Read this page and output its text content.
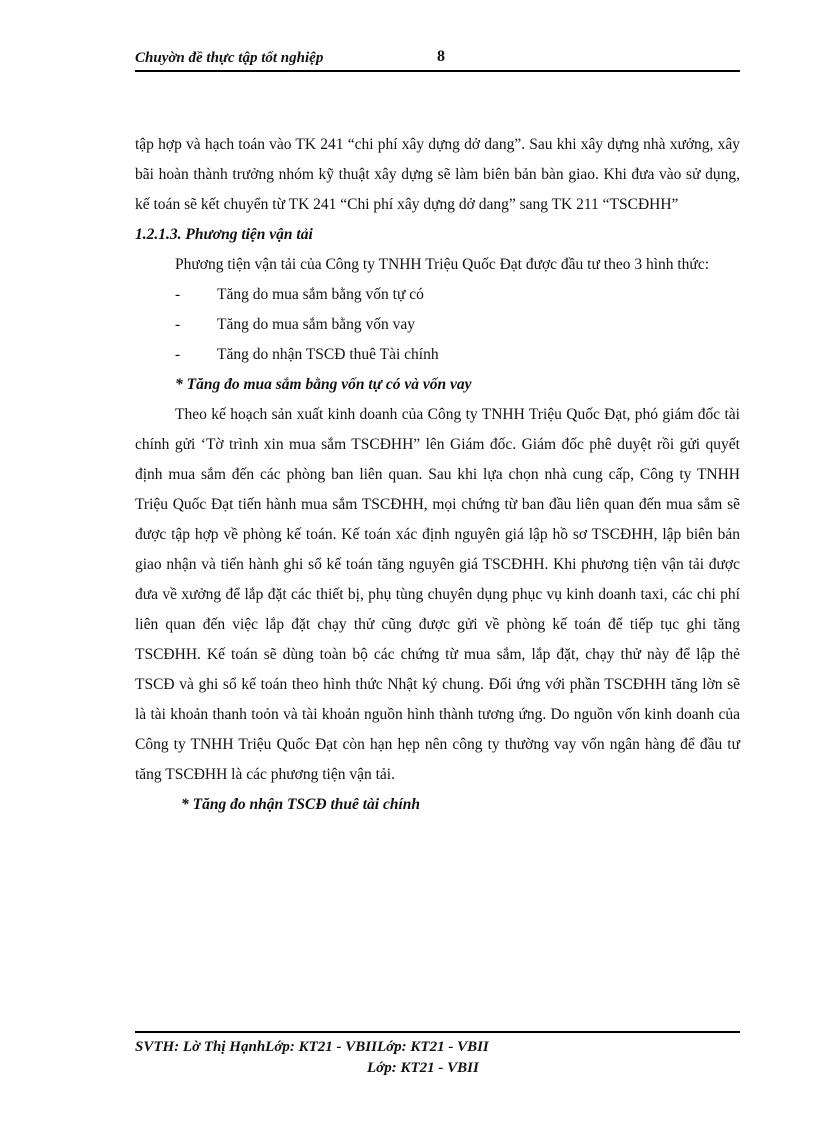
Chuyờn đề thực tập tốt nghiệp	8

tập hợp và hạch toán vào TK 241 “chi phí xây dựng dở dang”. Sau khi xây dựng nhà xưởng, xây bãi hoàn thành trưởng nhóm kỹ thuật xây dựng sẽ làm biên bản bàn giao. Khi đưa vào sử dụng, kế toán sẽ kết chuyển từ TK 241 “Chi phí xây dựng dở dang” sang TK 211 “TSCĐHH”

1.2.1.3. Phương tiện vận tải

Phương tiện vận tải của Công ty TNHH Triệu Quốc Đạt được đầu tư theo 3 hình thức:

-	Tăng do mua sắm bằng vốn tự có
-	Tăng do mua sắm bằng vốn vay
-	Tăng do nhận TSCĐ thuê Tài chính

* Tăng đo mua sắm bằng vốn tự có và vốn vay

Theo kế hoạch sản xuất kinh doanh của Công ty TNHH Triệu Quốc Đạt, phó giám đốc tài chính gửi ‘Tờ trình xin mua sắm TSCĐHH” lên Giám đốc. Giám đốc phê duyệt rồi gửi quyết định mua sắm đến các phòng ban liên quan. Sau khi lựa chọn nhà cung cấp, Công ty TNHH Triệu Quốc Đạt tiến hành mua sắm TSCĐHH, mọi chứng từ ban đầu liên quan đến mua sắm sẽ được tập hợp về phòng kế toán. Kế toán xác định nguyên giá lập hồ sơ TSCĐHH, lập biên bản giao nhận và tiến hành ghi sổ kế toán tăng nguyên giá TSCĐHH. Khi phương tiện vận tải được đưa về xưởng để lắp đặt các thiết bị, phụ tùng chuyên dụng phục vụ kinh doanh taxi, các chi phí liên quan đến việc lắp đặt chạy thử cũng được gửi về phòng kế toán để tiếp tục ghi tăng TSCĐHH. Kế toán sẽ dùng toàn bộ các chứng từ mua sắm, lắp đặt, chạy thử này để lập thẻ TSCĐ và ghi sổ kế toán theo hình thức Nhật ký chung. Đối ứng với phần TSCĐHH tăng lờn sẽ là tài khoản thanh toỏn và tài khoản nguồn hình thành tương ứng. Do nguồn vốn kinh doanh của Công ty TNHH Triệu Quốc Đạt còn hạn hẹp nên công ty thường vay vốn ngân hàng để đầu tư tăng TSCĐHH là các phương tiện vận tải.

* Tăng đo nhận TSCĐ thuê tài chính

SVTH: Lờ Thị HạnhLớp: KT21 - VBIILớp: KT21 - VBII
Lớp: KT21 - VBII
